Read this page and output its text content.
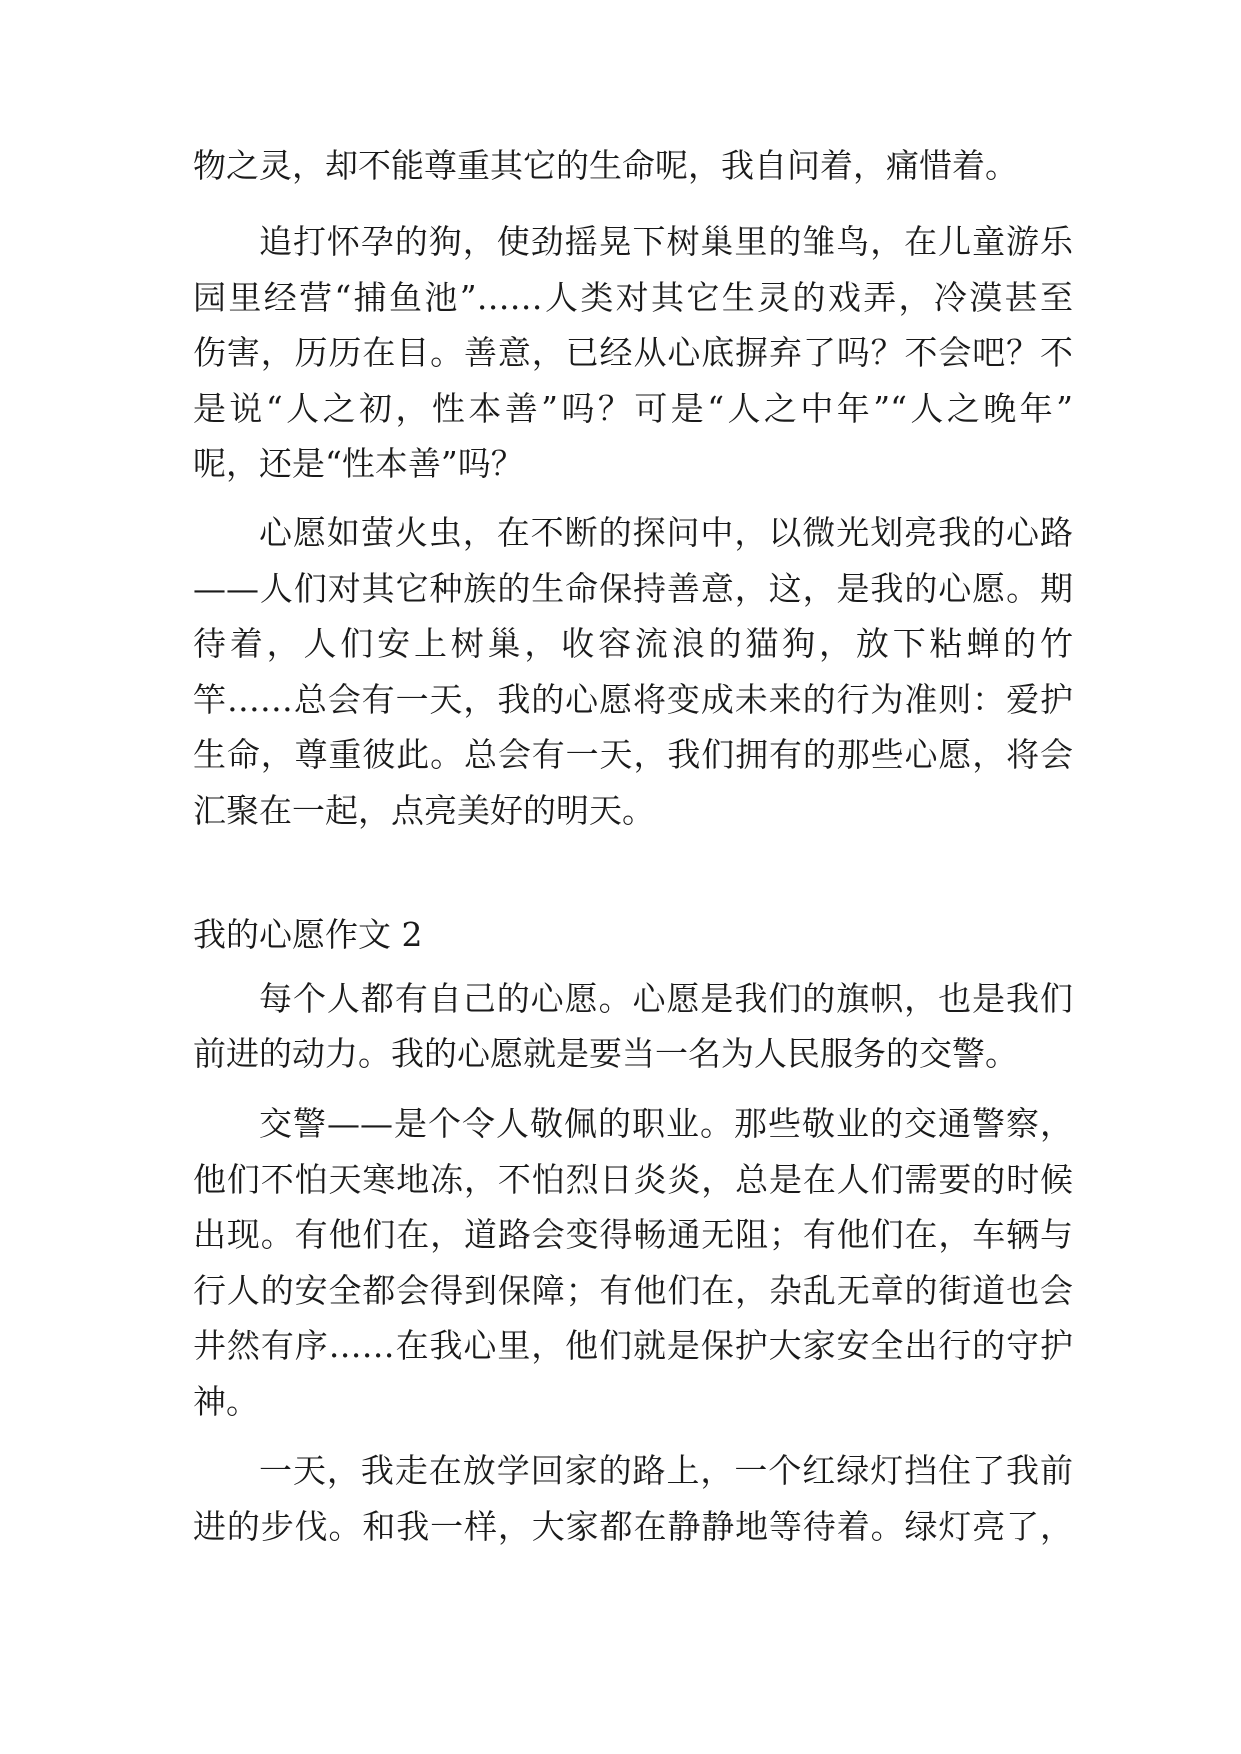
物之灵，却不能尊重其它的生命呢，我自问着，痛惜着。
追打怀孕的狗，使劲摇晃下树巢里的雏鸟，在儿童游乐
园里经营“捕鱼池”……人类对其它生灵的戏弄，冷漠甚至
伤害，历历在目。善意，已经从心底摒弃了吗？不会吧？不
是说“人之初，性本善”吗？可是“人之中年”“人之晚年”
呢，还是“性本善”吗？
心愿如萤火虫，在不断的探问中，以微光划亮我的心路
——人们对其它种族的生命保持善意，这，是我的心愿。期
待着，人们安上树巢，收容流浪的猫狗，放下粘蝉的竹
竿……总会有一天，我的心愿将变成未来的行为准则：爱护
生命，尊重彼此。总会有一天，我们拥有的那些心愿，将会
汇聚在一起，点亮美好的明天。
我的心愿作文 2
每个人都有自己的心愿。心愿是我们的旗帜，也是我们
前进的动力。我的心愿就是要当一名为人民服务的交警。
交警——是个令人敬佩的职业。那些敬业的交通警察，
他们不怕天寒地冻，不怕烈日炎炎，总是在人们需要的时候
出现。有他们在，道路会变得畅通无阻；有他们在，车辆与
行人的安全都会得到保障；有他们在，杂乱无章的街道也会
井然有序……在我心里，他们就是保护大家安全出行的守护
神。
一天，我走在放学回家的路上，一个红绿灯挡住了我前
进的步伐。和我一样，大家都在静静地等待着。绿灯亮了，
